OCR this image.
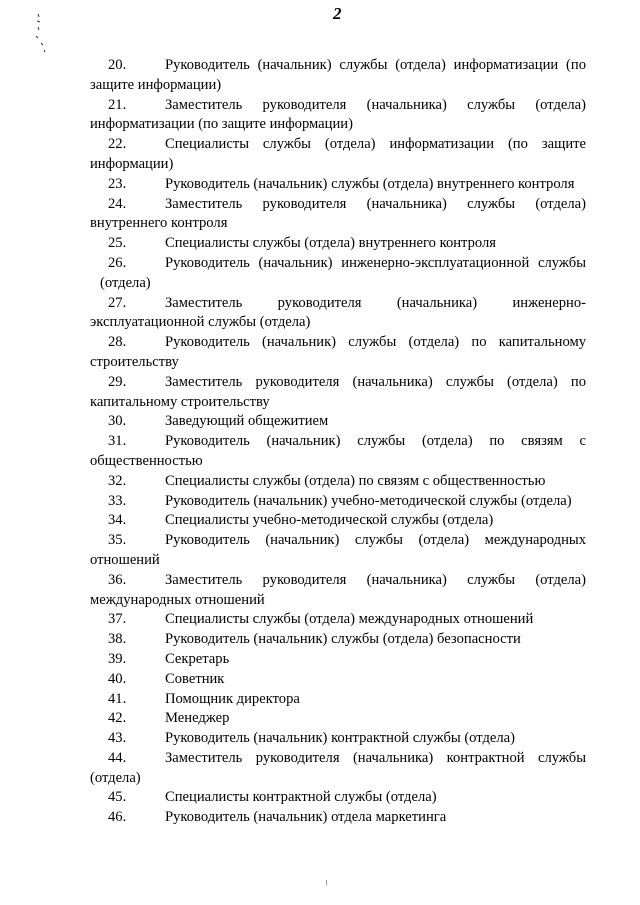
2
20.	Руководитель (начальник) службы (отдела) информатизации (по
защите информации)
21.	Заместитель руководителя (начальника) службы (отдела)
информатизации (по защите информации)
22.	Специалисты службы (отдела) информатизации (по защите
информации)
23.	Руководитель (начальник) службы (отдела) внутреннего контроля
24.	Заместитель руководителя (начальника) службы (отдела)
внутреннего контроля
25.	Специалисты службы (отдела) внутреннего контроля
26.	Руководитель (начальник) инженерно-эксплуатационной службы
(отдела)
27.	Заместитель руководителя (начальника) инженерно-
эксплуатационной службы (отдела)
28.	Руководитель (начальник) службы (отдела) по капитальному
строительству
29.	Заместитель руководителя (начальника) службы (отдела) по
капитальному строительству
30.	Заведующий общежитием
31.	Руководитель (начальник) службы (отдела) по связям с
общественностью
32.	Специалисты службы (отдела) по связям с общественностью
33.	Руководитель (начальник) учебно-методической службы (отдела)
34.	Специалисты учебно-методической службы (отдела)
35.	Руководитель (начальник) службы (отдела) международных
отношений
36.	Заместитель руководителя (начальника) службы (отдела)
международных отношений
37.	Специалисты службы (отдела) международных отношений
38.	Руководитель (начальник) службы (отдела) безопасности
39.	Секретарь
40.	Советник
41.	Помощник директора
42.	Менеджер
43.	Руководитель (начальник) контрактной службы (отдела)
44.	Заместитель руководителя (начальника) контрактной службы
(отдела)
45.	Специалисты контрактной службы (отдела)
46.	Руководитель (начальник) отдела маркетинга
